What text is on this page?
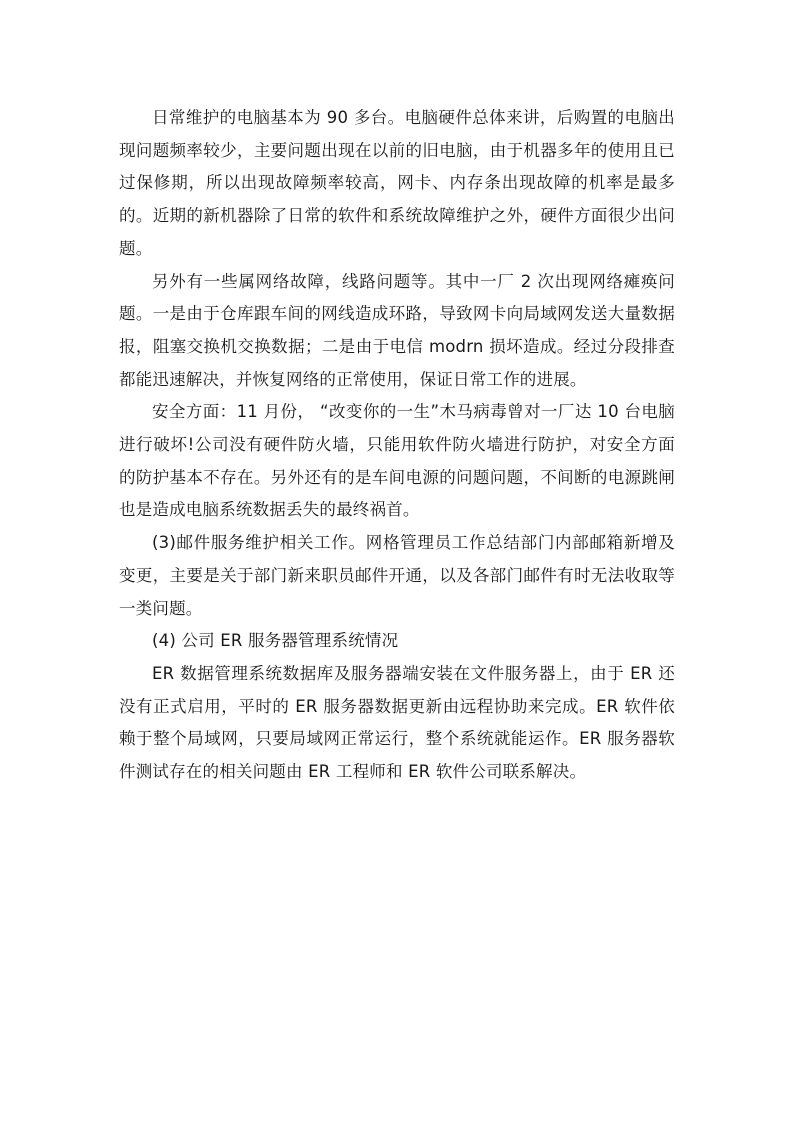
日常维护的电脑基本为 90 多台。电脑硬件总体来讲，后购置的电脑出现问题频率较少，主要问题出现在以前的旧电脑，由于机器多年的使用且已过保修期，所以出现故障频率较高，网卡、内存条出现故障的机率是最多的。近期的新机器除了日常的软件和系统故障维护之外，硬件方面很少出问题。

另外有一些属网络故障，线路问题等。其中一厂 2 次出现网络瘫痪问题。一是由于仓库跟车间的网线造成环路，导致网卡向局域网发送大量数据报，阻塞交换机交换数据；二是由于电信 modrn 损坏造成。经过分段排查都能迅速解决，并恢复网络的正常使用，保证日常工作的进展。

安全方面：11 月份， “改变你的一生”木马病毒曾对一厂达 10 台电脑进行破坏!公司没有硬件防火墙，只能用软件防火墙进行防护，对安全方面的防护基本不存在。另外还有的是车间电源的问题问题，不间断的电源跳闸也是造成电脑系统数据丢失的最终祸首。

(3)邮件服务维护相关工作。网格管理员工作总结部门内部邮箱新增及变更，主要是关于部门新来职员邮件开通，以及各部门邮件有时无法收取等一类问题。

(4) 公司 ER 服务器管理系统情况

ER 数据管理系统数据库及服务器端安装在文件服务器上，由于 ER 还没有正式启用，平时的 ER 服务器数据更新由远程协助来完成。ER 软件依赖于整个局域网，只要局域网正常运行，整个系统就能运作。ER 服务器软件测试存在的相关问题由 ER 工程师和 ER 软件公司联系解决。
